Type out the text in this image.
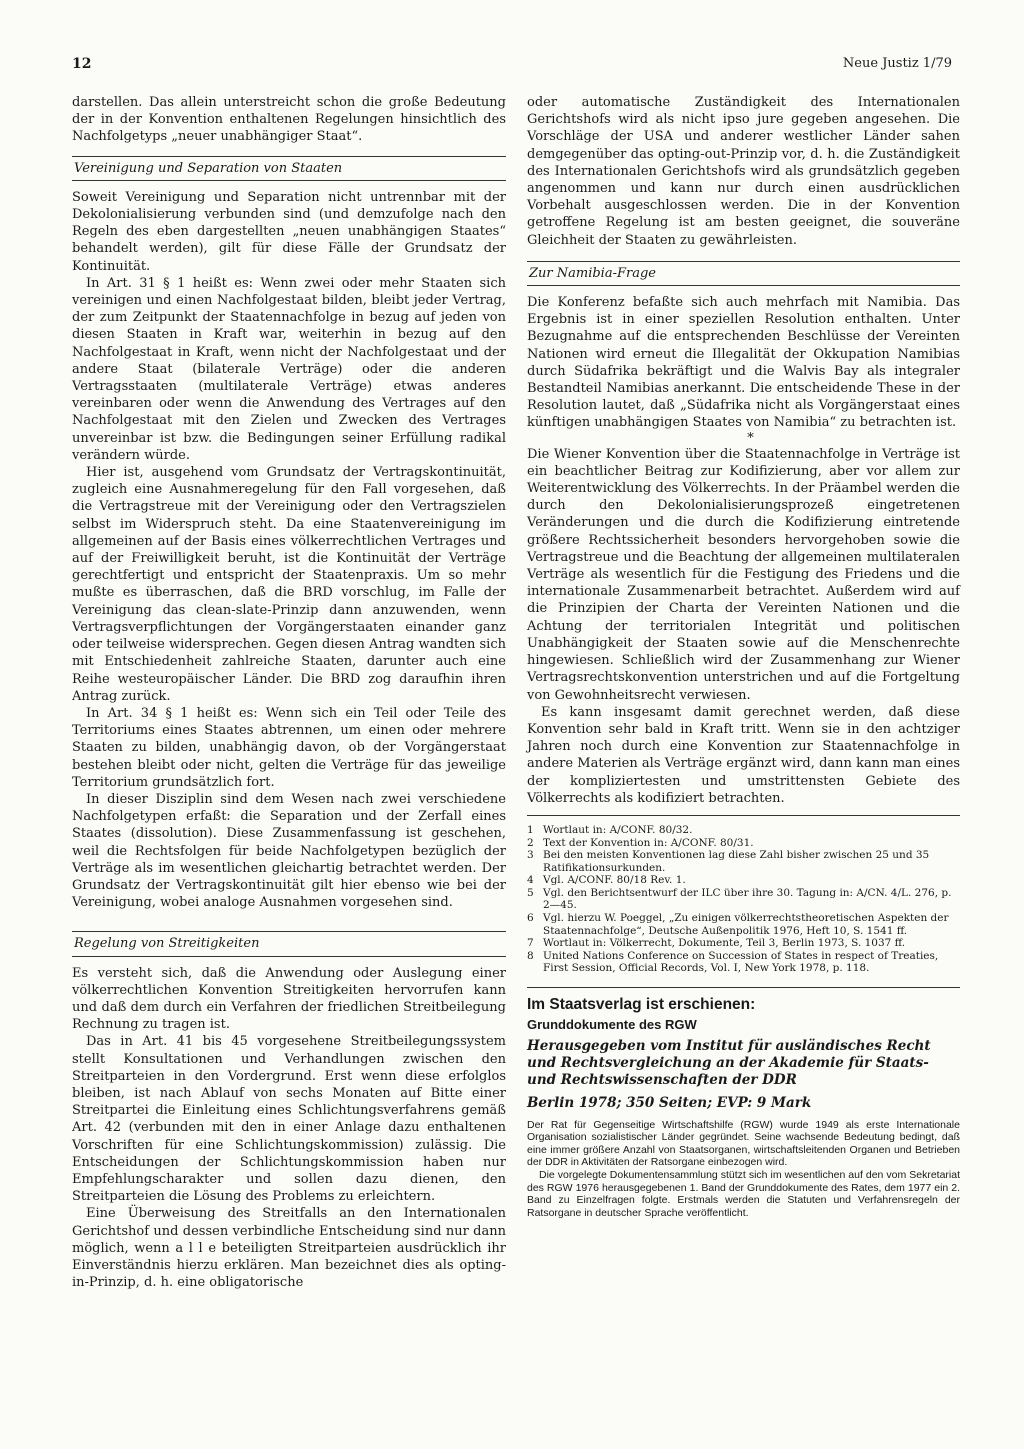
12	Neue Justiz 1/79

darstellen. Das allein unterstreicht schon die große Bedeutung der in der Konvention enthaltenen Regelungen hinsichtlich des Nachfolgetyps „neuer unabhängiger Staat“.

Vereinigung und Separation von Staaten

Soweit Vereinigung und Separation nicht untrennbar mit der Dekolonialisierung verbunden sind (und demzufolge nach den Regeln des eben dargestellten „neuen unabhängigen Staates“ behandelt werden), gilt für diese Fälle der Grundsatz der Kontinuität.

In Art. 31 § 1 heißt es: Wenn zwei oder mehr Staaten sich vereinigen und einen Nachfolgestaat bilden, bleibt jeder Vertrag, der zum Zeitpunkt der Staatennachfolge in bezug auf jeden von diesen Staaten in Kraft war, weiterhin in bezug auf den Nachfolgestaat in Kraft, wenn nicht der Nachfolgestaat und der andere Staat (bilaterale Verträge) oder die anderen Vertragsstaaten (multilaterale Verträge) etwas anderes vereinbaren oder wenn die Anwendung des Vertrages auf den Nachfolgestaat mit den Zielen und Zwecken des Vertrages unvereinbar ist bzw. die Bedingungen seiner Erfüllung radikal verändern würde.

Hier ist, ausgehend vom Grundsatz der Vertragskontinuität, zugleich eine Ausnahmeregelung für den Fall vorgesehen, daß die Vertragstreue mit der Vereinigung oder den Vertragszielen selbst im Widerspruch steht. Da eine Staatenvereinigung im allgemeinen auf der Basis eines völkerrechtlichen Vertrages und auf der Freiwilligkeit beruht, ist die Kontinuität der Verträge gerechtfertigt und entspricht der Staatenpraxis. Um so mehr mußte es überraschen, daß die BRD vorschlug, im Falle der Vereinigung das clean-slate-Prinzip dann anzuwenden, wenn Vertragsverpflichtungen der Vorgängerstaaten einander ganz oder teilweise widersprechen. Gegen diesen Antrag wandten sich mit Entschiedenheit zahlreiche Staaten, darunter auch eine Reihe westeuropäischer Länder. Die BRD zog daraufhin ihren Antrag zurück.

In Art. 34 § 1 heißt es: Wenn sich ein Teil oder Teile des Territoriums eines Staates abtrennen, um einen oder mehrere Staaten zu bilden, unabhängig davon, ob der Vorgängerstaat bestehen bleibt oder nicht, gelten die Verträge für das jeweilige Territorium grundsätzlich fort.

In dieser Disziplin sind dem Wesen nach zwei verschiedene Nachfolgetypen erfaßt: die Separation und der Zerfall eines Staates (dissolution). Diese Zusammenfassung ist geschehen, weil die Rechtsfolgen für beide Nachfolgetypen bezüglich der Verträge als im wesentlichen gleichartig betrachtet werden. Der Grundsatz der Vertragskontinuität gilt hier ebenso wie bei der Vereinigung, wobei analoge Ausnahmen vorgesehen sind.

Regelung von Streitigkeiten

Es versteht sich, daß die Anwendung oder Auslegung einer völkerrechtlichen Konvention Streitigkeiten hervorrufen kann und daß dem durch ein Verfahren der friedlichen Streitbeilegung Rechnung zu tragen ist.

Das in Art. 41 bis 45 vorgesehene Streitbeilegungssystem stellt Konsultationen und Verhandlungen zwischen den Streitparteien in den Vordergrund. Erst wenn diese erfolglos bleiben, ist nach Ablauf von sechs Monaten auf Bitte einer Streitpartei die Einleitung eines Schlichtungsverfahrens gemäß Art. 42 (verbunden mit den in einer Anlage dazu enthaltenen Vorschriften für eine Schlichtungskommission) zulässig. Die Entscheidungen der Schlichtungskommission haben nur Empfehlungscharakter und sollen dazu dienen, den Streitparteien die Lösung des Problems zu erleichtern.

Eine Überweisung des Streitfalls an den Internationalen Gerichtshof und dessen verbindliche Entscheidung sind nur dann möglich, wenn a l l e beteiligten Streitparteien ausdrücklich ihr Einverständnis hierzu erklären. Man bezeichnet dies als opting-in-Prinzip, d. h. eine obligatorische

oder automatische Zuständigkeit des Internationalen Gerichtshofs wird als nicht ipso jure gegeben angesehen. Die Vorschläge der USA und anderer westlicher Länder sahen demgegenüber das opting-out-Prinzip vor, d. h. die Zuständigkeit des Internationalen Gerichtshofs wird als grundsätzlich gegeben angenommen und kann nur durch einen ausdrücklichen Vorbehalt ausgeschlossen werden. Die in der Konvention getroffene Regelung ist am besten geeignet, die souveräne Gleichheit der Staaten zu gewährleisten.

Zur Namibia-Frage

Die Konferenz befaßte sich auch mehrfach mit Namibia. Das Ergebnis ist in einer speziellen Resolution enthalten. Unter Bezugnahme auf die entsprechenden Beschlüsse der Vereinten Nationen wird erneut die Illegalität der Okkupation Namibias durch Südafrika bekräftigt und die Walvis Bay als integraler Bestandteil Namibias anerkannt. Die entscheidende These in der Resolution lautet, daß „Südafrika nicht als Vorgängerstaat eines künftigen unabhängigen Staates von Namibia“ zu betrachten ist.

*

Die Wiener Konvention über die Staatennachfolge in Verträge ist ein beachtlicher Beitrag zur Kodifizierung, aber vor allem zur Weiterentwicklung des Völkerrechts. In der Präambel werden die durch den Dekolonialisierungsprozeß eingetretenen Veränderungen und die durch die Kodifizierung eintretende größere Rechtssicherheit besonders hervorgehoben sowie die Vertragstreue und die Beachtung der allgemeinen multilateralen Verträge als wesentlich für die Festigung des Friedens und die internationale Zusammenarbeit betrachtet. Außerdem wird auf die Prinzipien der Charta der Vereinten Nationen und die Achtung der territorialen Integrität und politischen Unabhängigkeit der Staaten sowie auf die Menschenrechte hingewiesen. Schließlich wird der Zusammenhang zur Wiener Vertragsrechtskonvention unterstrichen und auf die Fortgeltung von Gewohnheitsrecht verwiesen.

Es kann insgesamt damit gerechnet werden, daß diese Konvention sehr bald in Kraft tritt. Wenn sie in den achtziger Jahren noch durch eine Konvention zur Staatennachfolge in andere Materien als Verträge ergänzt wird, dann kann man eines der kompliziertesten und umstrittensten Gebiete des Völkerrechts als kodifiziert betrachten.

1 Wortlaut in: A/CONF. 80/32.
2 Text der Konvention in: A/CONF. 80/31.
3 Bei den meisten Konventionen lag diese Zahl bisher zwischen 25 und 35 Ratifikationsurkunden.
4 Vgl. A/CONF. 80/18 Rev. 1.
5 Vgl. den Berichtsentwurf der ILC über ihre 30. Tagung in: A/CN. 4/L. 276, p. 2—45.
6 Vgl. hierzu W. Poeggel, „Zu einigen völkerrechtstheoretischen Aspekten der Staatennachfolge“, Deutsche Außenpolitik 1976, Heft 10, S. 1541 ff.
7 Wortlaut in: Völkerrecht, Dokumente, Teil 3, Berlin 1973, S. 1037 ff.
8 United Nations Conference on Succession of States in respect of Treaties, First Session, Official Records, Vol. I, New York 1978, p. 118.
Im Staatsverlag ist erschienen:
Grunddokumente des RGW
Herausgegeben vom Institut für ausländisches Recht und Rechtsvergleichung an der Akademie für Staats- und Rechtswissenschaften der DDR
Berlin 1978; 350 Seiten; EVP: 9 Mark

Der Rat für Gegenseitige Wirtschaftshilfe (RGW) wurde 1949 als erste Internationale Organisation sozialistischer Länder gegründet. Seine wachsende Bedeutung bedingt, daß eine immer größere Anzahl von Staatsorganen, wirtschaftsleitenden Organen und Betrieben der DDR in Aktivitäten der Ratsorgane einbezogen wird.

Die vorgelegte Dokumentensammlung stützt sich im wesentlichen auf den vom Sekretariat des RGW 1976 herausgegebenen 1. Band der Grunddokumente des Rates, dem 1977 ein 2. Band zu Einzelfragen folgte. Erstmals werden die Statuten und Verfahrensregeln der Ratsorgane in deutscher Sprache veröffentlicht.
